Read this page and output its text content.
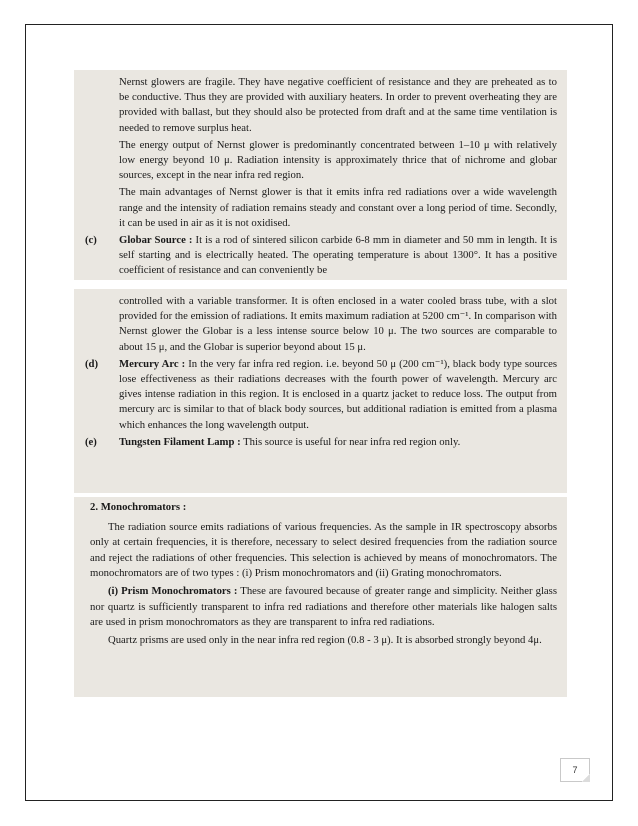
Nernst glowers are fragile. They have negative coefficient of resistance and they are preheated as to be conductive. Thus they are provided with auxiliary heaters. In order to prevent overheating they are provided with ballast, but they should also be protected from draft and at the same time ventilation is needed to remove surplus heat.

The energy output of Nernst glower is predominantly concentrated between 1–10 μ with relatively low energy beyond 10 μ. Radiation intensity is approximately thrice that of nichrome and globar sources, except in the near infra red region.

The main advantages of Nernst glower is that it emits infra red radiations over a wide wavelength range and the intensity of radiation remains steady and constant over a long period of time. Secondly, it can be used in air as it is not oxidised.

(c) Globar Source : It is a rod of sintered silicon carbide 6-8 mm in diameter and 50 mm in length. It is self starting and is electrically heated. The operating temperature is about 1300°. It has a positive coefficient of resistance and can conveniently be

controlled with a variable transformer. It is often enclosed in a water cooled brass tube, with a slot provided for the emission of radiations. It emits maximum radiation at 5200 cm⁻¹. In comparison with Nernst glower the Globar is a less intense source below 10 μ. The two sources are comparable to about 15 μ, and the Globar is superior beyond about 15 μ.

(d) Mercury Arc : In the very far infra red region. i.e. beyond 50 μ (200 cm⁻¹), black body type sources lose effectiveness as their radiations decreases with the fourth power of wavelength. Mercury arc gives intense radiation in this region. It is enclosed in a quartz jacket to reduce loss. The output from mercury arc is similar to that of black body sources, but additional radiation is emitted from a plasma which enhances the long wavelength output.

(e) Tungsten Filament Lamp : This source is useful for near infra red region only.

2. Monochromators :

The radiation source emits radiations of various frequencies. As the sample in IR spectroscopy absorbs only at certain frequencies, it is therefore, necessary to select desired frequencies from the radiation source and reject the radiations of other frequencies. This selection is achieved by means of monochromators. The monochromators are of two types : (i) Prism monochromators and (ii) Grating monochromators.

(i) Prism Monochromators : These are favoured because of greater range and simplicity. Neither glass nor quartz is sufficiently transparent to infra red radiations and therefore other materials like halogen salts are used in prism monochromators as they are transparent to infra red radiations.

Quartz prisms are used only in the near infra red region (0.8 - 3 μ). It is absorbed strongly beyond 4μ.

7
